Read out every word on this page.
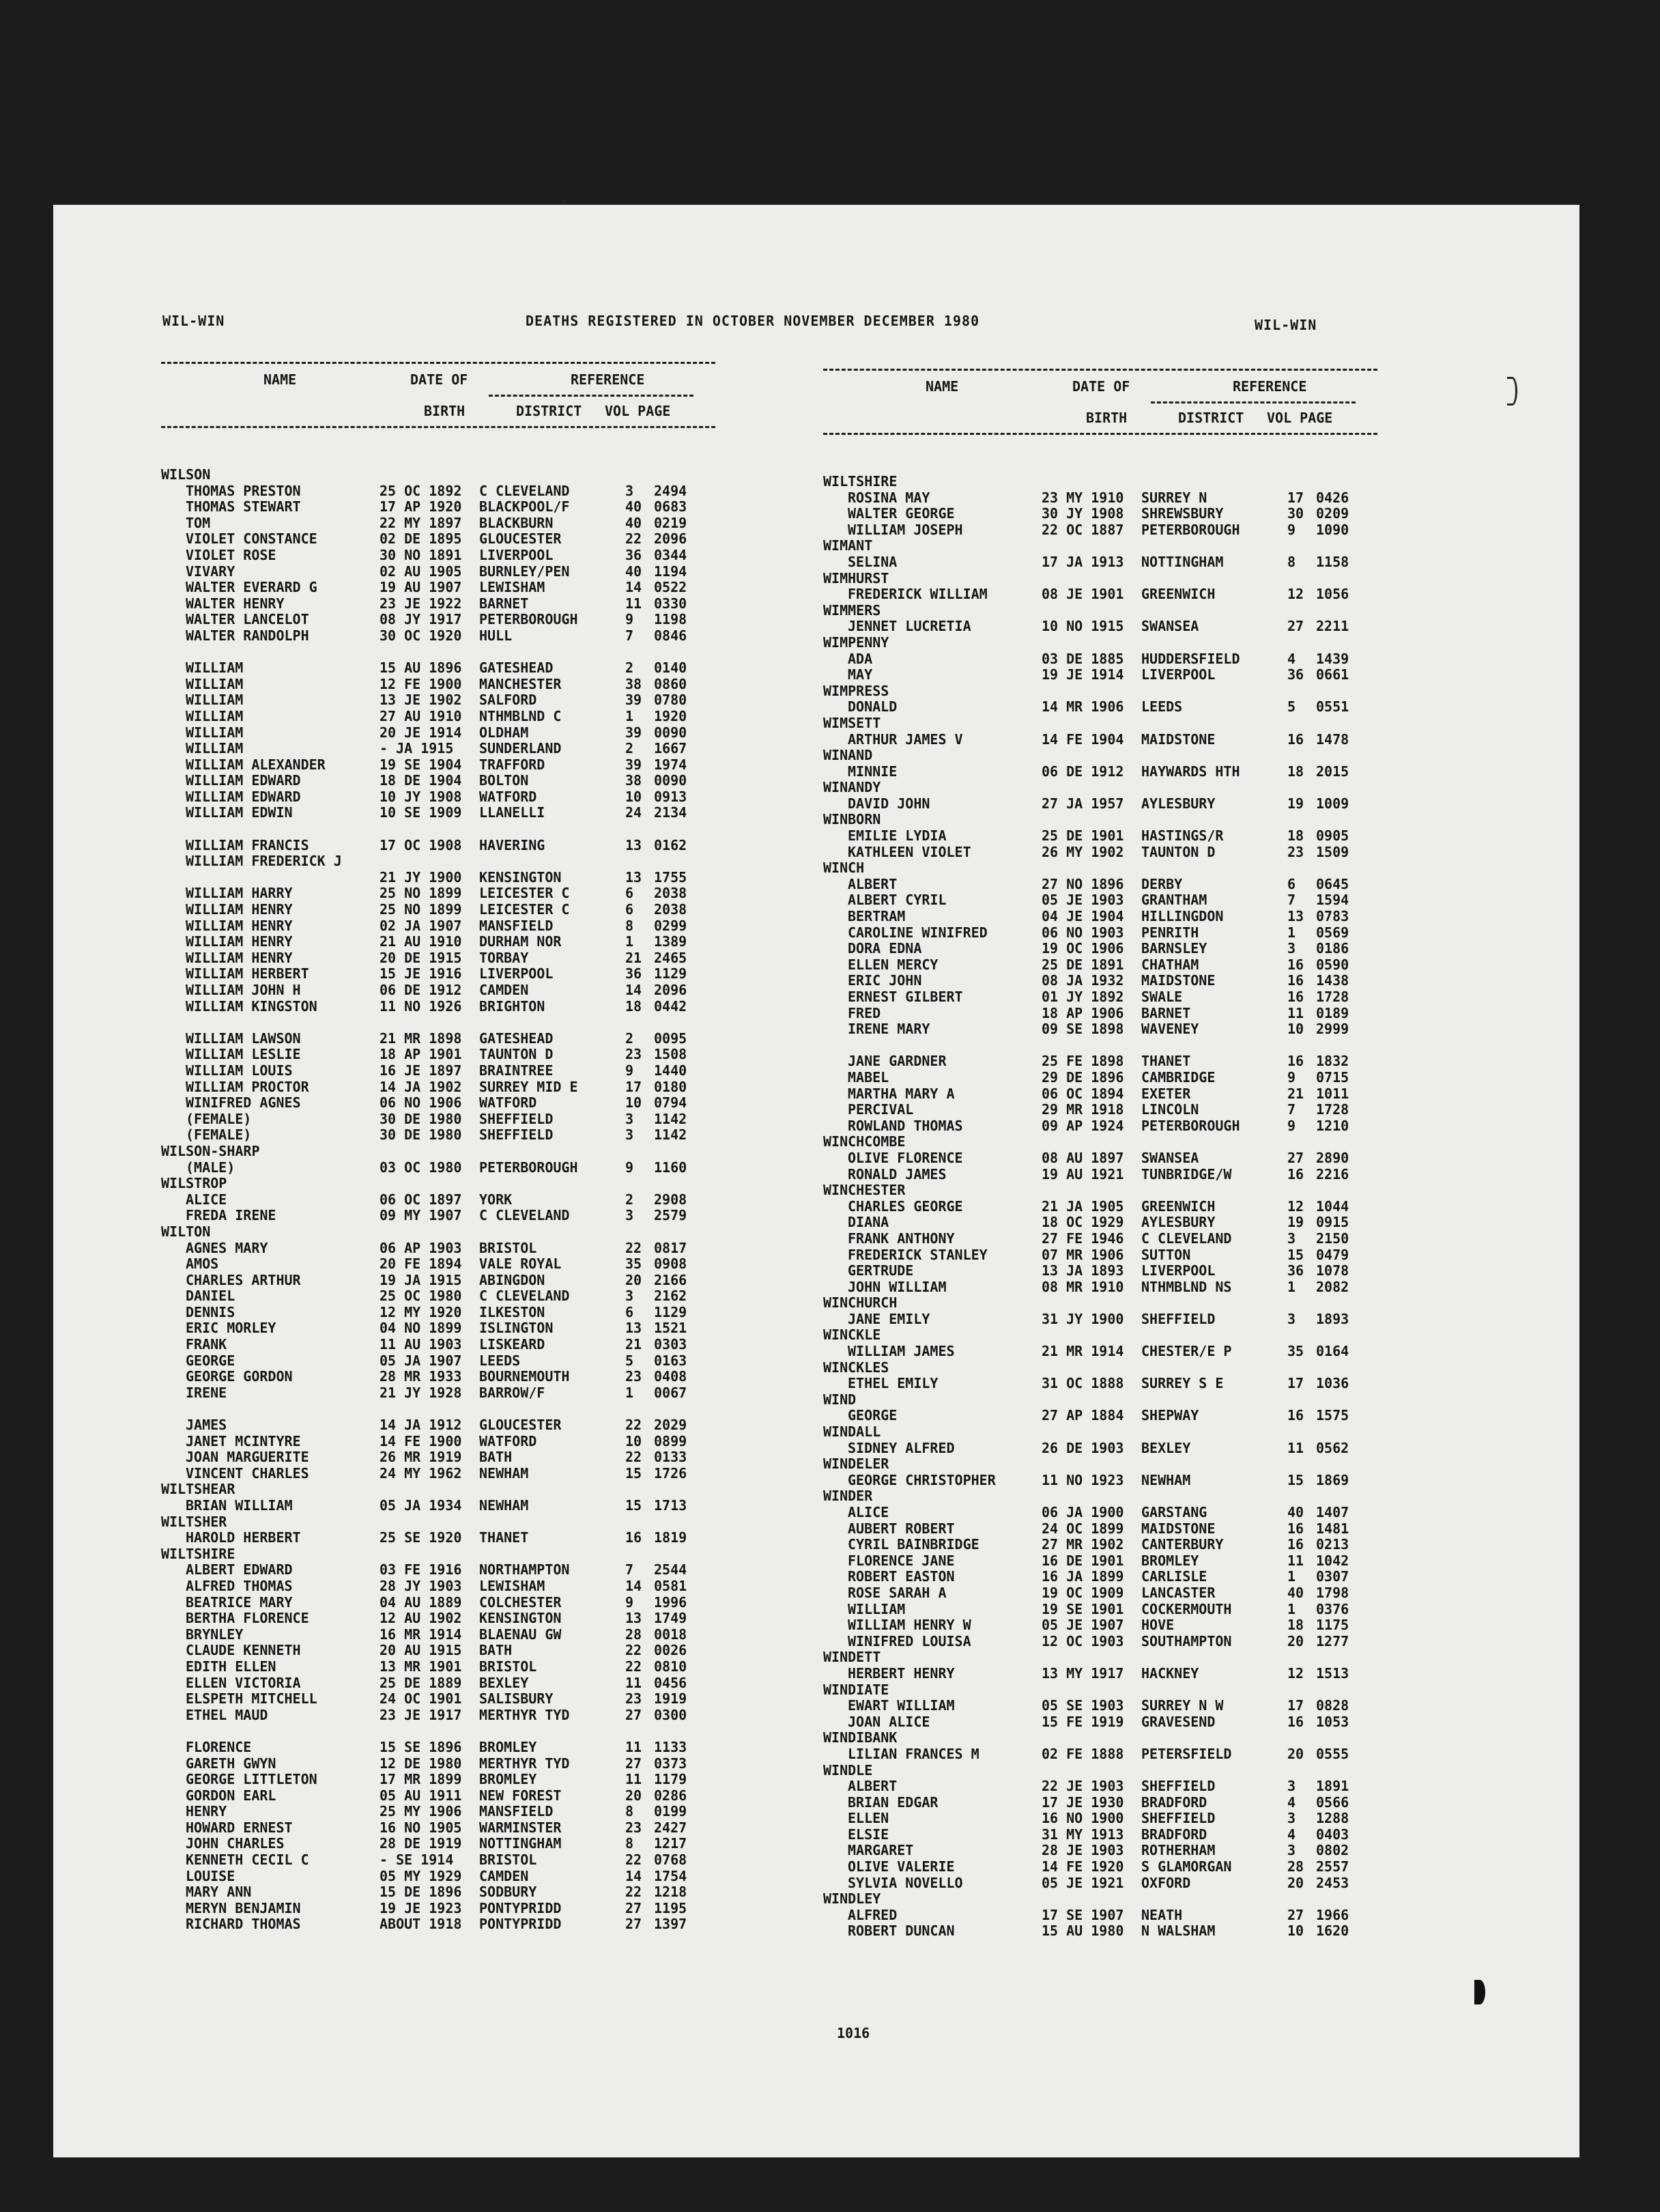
WIL-WIN	DEATHS REGISTERED IN OCTOBER NOVEMBER DECEMBER 1980	WIL-WIN
NAME	DATE OF
BIRTH
REFERENCE
DISTRICT VOL PAGE
NAME	DATE OF
BIRTH
REFERENCE
DISTRICT VOL PAGE
WILSON
THOMAS PRESTON	25 OC 1892 C CLEVELAND	3 2494
THOMAS STEWART	17 AP 1920 BLACKPOOL/F	40 0683
TOM	22 MY 1897 BLACKBURN	40 0219
VIOLET CONSTANCE	02 DE 1895 GLOUCESTER	22 2096
VIOLET ROSE	30 NO 1891 LIVERPOOL	36 0344
VIVARY	02 AU 1905 BURNLEY/PEN	40 1194
WALTER EVERARD G	19 AU 1907 LEWISHAM	14 0522
WALTER HENRY	23 JE 1922 BARNET	11 0330
WALTER LANCELOT	08 JY 1917 PETERBOROUGH	9 1198
WALTER RANDOLPH	30 OC 1920 HULL	7 0846
WILLIAM	15 AU 1896 GATESHEAD	2 0140
WILLIAM	12 FE 1900 MANCHESTER	38 0860
WILLIAM	13 JE 1902 SALFORD	39 0780
WILLIAM	27 AU 1910 NTHMBLND C	1 1920
WILLIAM	20 JE 1914 OLDHAM	39 0090
WILLIAM	- JA 1915 SUNDERLAND	2 1667
WILLIAM ALEXANDER	19 SE 1904 TRAFFORD	39 1974
WILLIAM EDWARD	18 DE 1904 BOLTON	38 0090
WILLIAM EDWARD	10 JY 1908 WATFORD	10 0913
WILLIAM EDWIN	10 SE 1909 LLANELLI	24 2134
WILLIAM FRANCIS	17 OC 1908 HAVERING	13 0162
WILLIAM FREDERICK J
21 JY 1900 KENSINGTON	13 1755
WILLIAM HARRY	25 NO 1899 LEICESTER C	6 2038
WILLIAM HENRY	25 NO 1899 LEICESTER C	6 2038
WILLIAM HENRY	02 JA 1907 MANSFIELD	8 0299
WILLIAM HENRY	21 AU 1910 DURHAM NOR	1 1389
WILLIAM HENRY	20 DE 1915 TORBAY	21 2465
WILLIAM HERBERT	15 JE 1916 LIVERPOOL	36 1129
WILLIAM JOHN H	06 DE 1912 CAMDEN	14 2096
WILLIAM KINGSTON	11 NO 1926 BRIGHTON	18 0442
WILLIAM LAWSON	21 MR 1898 GATESHEAD	2 0095
WILLIAM LESLIE	18 AP 1901 TAUNTON D	23 1508
WILLIAM LOUIS	16 JE 1897 BRAINTREE	9 1440
WILLIAM PROCTOR	14 JA 1902 SURREY MID E	17 0180
WINIFRED AGNES	06 NO 1906 WATFORD	10 0794
(FEMALE)	30 DE 1980 SHEFFIELD	3 1142
(FEMALE)	30 DE 1980 SHEFFIELD	3 1142
WILSON-SHARP
(MALE)	03 OC 1980 PETERBOROUGH	9 1160
WILSTROP
ALICE	06 OC 1897 YORK	2 2908
FREDA IRENE	09 MY 1907 C CLEVELAND	3 2579
WILTON
AGNES MARY	06 AP 1903 BRISTOL	22 0817
AMOS	20 FE 1894 VALE ROYAL	35 0908
CHARLES ARTHUR	19 JA 1915 ABINGDON	20 2166
DANIEL	25 OC 1980 C CLEVELAND	3 2162
DENNIS	12 MY 1920 ILKESTON	6 1129
ERIC MORLEY	04 NO 1899 ISLINGTON	13 1521
FRANK	11 AU 1903 LISKEARD	21 0303
GEORGE	05 JA 1907 LEEDS	5 0163
GEORGE GORDON	28 MR 1933 BOURNEMOUTH	23 0408
IRENE	21 JY 1928 BARROW/F	1 0067
JAMES	14 JA 1912 GLOUCESTER	22 2029
JANET MCINTYRE	14 FE 1900 WATFORD	10 0899
JOAN MARGUERITE	26 MR 1919 BATH	22 0133
VINCENT CHARLES	24 MY 1962 NEWHAM	15 1726
WILTSHEAR
BRIAN WILLIAM	05 JA 1934 NEWHAM	15 1713
WILTSHER
HAROLD HERBERT	25 SE 1920 THANET	16 1819
WILTSHIRE
ALBERT EDWARD	03 FE 1916 NORTHAMPTON	7 2544
ALFRED THOMAS	28 JY 1903 LEWISHAM	14 0581
BEATRICE MARY	04 AU 1889 COLCHESTER	9 1996
BERTHA FLORENCE	12 AU 1902 KENSINGTON	13 1749
BRYNLEY	16 MR 1914 BLAENAU GW	28 0018
CLAUDE KENNETH	20 AU 1915 BATH	22 0026
EDITH ELLEN	13 MR 1901 BRISTOL	22 0810
ELLEN VICTORIA	25 DE 1889 BEXLEY	11 0456
ELSPETH MITCHELL	24 OC 1901 SALISBURY	23 1919
ETHEL MAUD	23 JE 1917 MERTHYR TYD	27 0300
FLORENCE	15 SE 1896 BROMLEY	11 1133
GARETH GWYN	12 DE 1980 MERTHYR TYD	27 0373
GEORGE LITTLETON	17 MR 1899 BROMLEY	11 1179
GORDON EARL	05 AU 1911 NEW FOREST	20 0286
HENRY	25 MY 1906 MANSFIELD	8 0199
HOWARD ERNEST	16 NO 1905 WARMINSTER	23 2427
JOHN CHARLES	28 DE 1919 NOTTINGHAM	8 1217
KENNETH CECIL C	- SE 1914 BRISTOL	22 0768
LOUISE	05 MY 1929 CAMDEN	14 1754
MARY ANN	15 DE 1896 SODBURY	22 1218
MERYN BENJAMIN	19 JE 1923 PONTYPRIDD	27 1195
RICHARD THOMAS	ABOUT 1918 PONTYPRIDD	27 1397
WILTSHIRE
ROSINA MAY	23 MY 1910 SURREY N	17 0426
WALTER GEORGE	30 JY 1908 SHREWSBURY	30 0209
WILLIAM JOSEPH	22 OC 1887 PETERBOROUGH	9 1090
WIMANT
SELINA	17 JA 1913 NOTTINGHAM	8 1158
WIMHURST
FREDERICK WILLIAM	08 JE 1901 GREENWICH	12 1056
WIMMERS
JENNET LUCRETIA	10 NO 1915 SWANSEA	27 2211
WIMPENNY
ADA	03 DE 1885 HUDDERSFIELD	4 1439
MAY	19 JE 1914 LIVERPOOL	36 0661
WIMPRESS
DONALD	14 MR 1906 LEEDS	5 0551
WIMSETT
ARTHUR JAMES V	14 FE 1904 MAIDSTONE	16 1478
WINAND
MINNIE	06 DE 1912 HAYWARDS HTH	18 2015
WINANDY
DAVID JOHN	27 JA 1957 AYLESBURY	19 1009
WINBORN
EMILIE LYDIA	25 DE 1901 HASTINGS/R	18 0905
KATHLEEN VIOLET	26 MY 1902 TAUNTON D	23 1509
WINCH
ALBERT	27 NO 1896 DERBY	6 0645
ALBERT CYRIL	05 JE 1903 GRANTHAM	7 1594
BERTRAM	04 JE 1904 HILLINGDON	13 0783
CAROLINE WINIFRED	06 NO 1903 PENRITH	1 0569
DORA EDNA	19 OC 1906 BARNSLEY	3 0186
ELLEN MERCY	25 DE 1891 CHATHAM	16 0590
ERIC JOHN	08 JA 1932 MAIDSTONE	16 1438
ERNEST GILBERT	01 JY 1892 SWALE	16 1728
FRED	18 AP 1906 BARNET	11 0189
IRENE MARY	09 SE 1898 WAVENEY	10 2999
JANE GARDNER	25 FE 1898 THANET	16 1832
MABEL	29 DE 1896 CAMBRIDGE	9 0715
MARTHA MARY A	06 OC 1894 EXETER	21 1011
PERCIVAL	29 MR 1918 LINCOLN	7 1728
ROWLAND THOMAS	09 AP 1924 PETERBOROUGH	9 1210
WINCHCOMBE
OLIVE FLORENCE	08 AU 1897 SWANSEA	27 2890
RONALD JAMES	19 AU 1921 TUNBRIDGE/W	16 2216
WINCHESTER
CHARLES GEORGE	21 JA 1905 GREENWICH	12 1044
DIANA	18 OC 1929 AYLESBURY	19 0915
FRANK ANTHONY	27 FE 1946 C CLEVELAND	3 2150
FREDERICK STANLEY	07 MR 1906 SUTTON	15 0479
GERTRUDE	13 JA 1893 LIVERPOOL	36 1078
JOHN WILLIAM	08 MR 1910 NTHMBLND NS	1 2082
WINCHURCH
JANE EMILY	31 JY 1900 SHEFFIELD	3 1893
WINCKLE
WILLIAM JAMES	21 MR 1914 CHESTER/E P	35 0164
WINCKLES
ETHEL EMILY	31 OC 1888 SURREY S E	17 1036
WIND
GEORGE	27 AP 1884 SHEPWAY	16 1575
WINDALL
SIDNEY ALFRED	26 DE 1903 BEXLEY	11 0562
WINDELER
GEORGE CHRISTOPHER	11 NO 1923 NEWHAM	15 1869
WINDER
ALICE	06 JA 1900 GARSTANG	40 1407
AUBERT ROBERT	24 OC 1899 MAIDSTONE	16 1481
CYRIL BAINBRIDGE	27 MR 1902 CANTERBURY	16 0213
FLORENCE JANE	16 DE 1901 BROMLEY	11 1042
ROBERT EASTON	16 JA 1899 CARLISLE	1 0307
ROSE SARAH A	19 OC 1909 LANCASTER	40 1798
WILLIAM	19 SE 1901 COCKERMOUTH	1 0376
WILLIAM HENRY W	05 JE 1907 HOVE	18 1175
WINIFRED LOUISA	12 OC 1903 SOUTHAMPTON	20 1277
WINDETT
HERBERT HENRY	13 MY 1917 HACKNEY	12 1513
WINDIATE
EWART WILLIAM	05 SE 1903 SURREY N W	17 0828
JOAN ALICE	15 FE 1919 GRAVESEND	16 1053
WINDIBANK
LILIAN FRANCES M	02 FE 1888 PETERSFIELD	20 0555
WINDLE
ALBERT	22 JE 1903 SHEFFIELD	3 1891
BRIAN EDGAR	17 JE 1930 BRADFORD	4 0566
ELLEN	16 NO 1900 SHEFFIELD	3 1288
ELSIE	31 MY 1913 BRADFORD	4 0403
MARGARET	28 JE 1903 ROTHERHAM	3 0802
OLIVE VALERIE	14 FE 1920 S GLAMORGAN	28 2557
SYLVIA NOVELLO	05 JE 1921 OXFORD	20 2453
WINDLEY
ALFRED	17 SE 1907 NEATH	27 1966
ROBERT DUNCAN	15 AU 1980 N WALSHAM	10 1620
1016
